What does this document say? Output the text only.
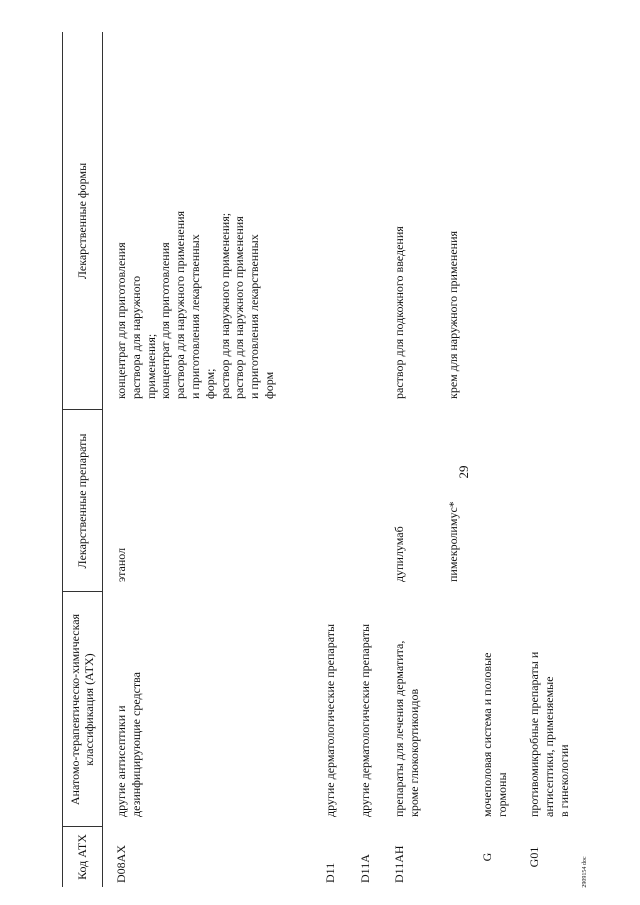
29
2909154 doc
Код АТХ
Анатомо-терапевтическо-химическая
классификация (АТХ)
Лекарственные препараты
Лекарственные формы
D08AX
другие антисептики и
дезинфицирующие средства
этанол
концентрат для приготовления
раствора для наружного
применения;
концентрат для приготовления
раствора для наружного применения
и приготовления лекарственных
форм;
раствор для наружного применения;
раствор для наружного применения
и приготовления лекарственных
форм
D11
другие дерматологические препараты
D11A
другие дерматологические препараты
D11AH
препараты для лечения дерматита,
кроме глюкокортикоидов
дупилумаб
раствор для подкожного введения
пимекролимус*
крем для наружного применения
G
мочеполовая система и половые
гормоны
G01
противомикробные препараты и
антисептики, применяемые
в гинекологии
